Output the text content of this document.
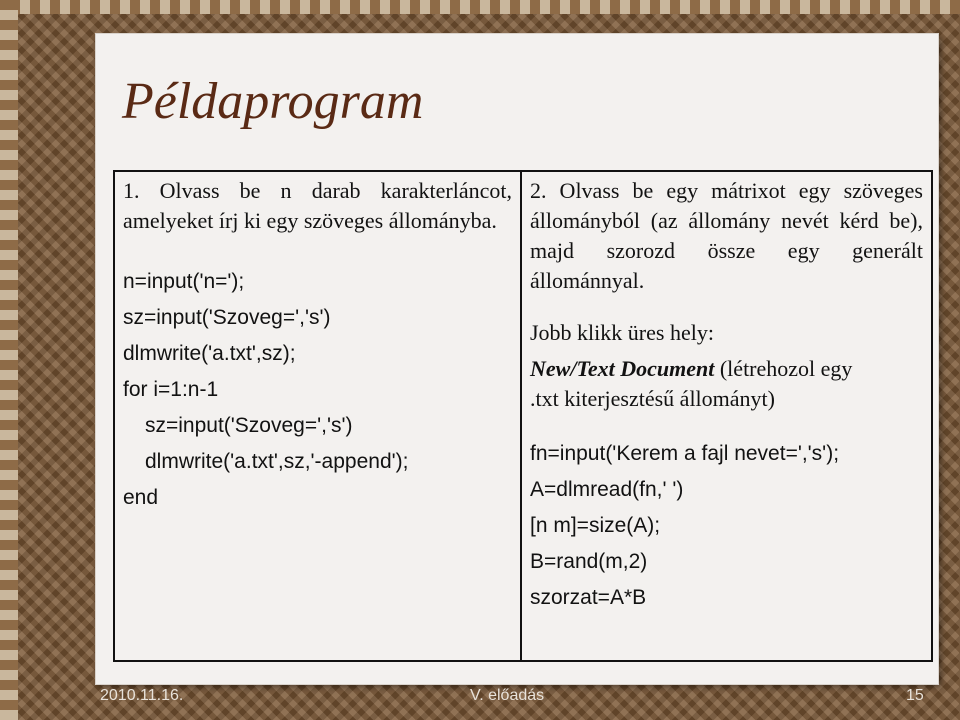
Példaprogram

1. Olvass be n darab karakterláncot, amelyeket írj ki egy szöveges állományba.

n=input('n=');

sz=input('Szoveg=','s')

dlmwrite('a.txt',sz);

for i=1:n-1

sz=input('Szoveg=','s')

dlmwrite('a.txt',sz,'-append');

end

2. Olvass be egy mátrixot egy szöveges állományból (az állomány nevét kérd be), majd szorozd össze egy generált állománnyal.

Jobb klikk üres hely:

New/Text Document (létrehozol egy

.txt kiterjesztésű állományt)

fn=input('Kerem a fajl nevet=','s');

A=dlmread(fn,' ')

[n m]=size(A);

B=rand(m,2)

szorzat=A*B

2010.11.16.	V. előadás	15
